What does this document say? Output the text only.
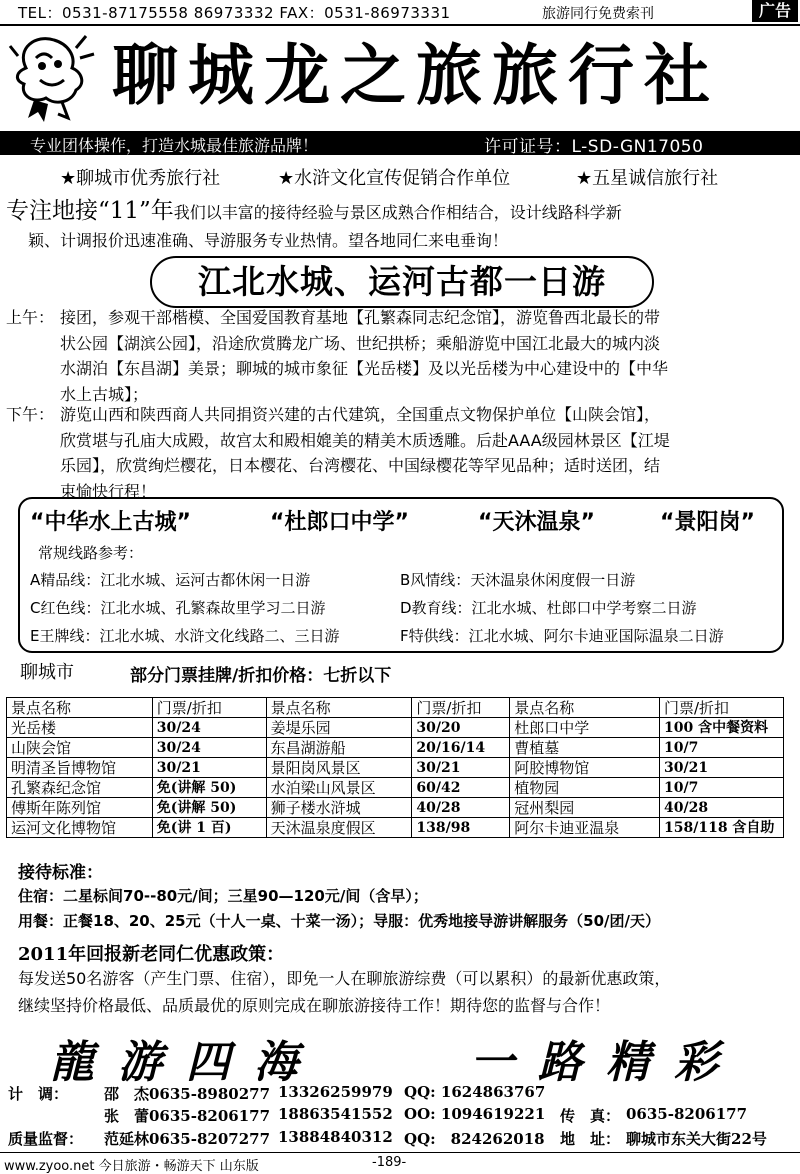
TEL：0531-87175558 86973332 FAX：0531-86973331	旅游同行免费索刊	广告
聊城龙之旅旅行社
专业团体操作，打造水城最佳旅游品牌！	许可证号：L-SD-GN17050
★聊城市优秀旅行社	★水浒文化宣传促销合作单位	★五星诚信旅行社

专注地接“11”年我们以丰富的接待经验与景区成熟合作相结合，设计线路科学新

颖、计调报价迅速准确、导游服务专业热情。望各地同仁来电垂询！

江北水城、运河古都一日游
上午： 接团，参观干部楷模、全国爱国教育基地【孔繁森同志纪念馆】，游览鲁西北最长的带
状公园【湖滨公园】，沿途欣赏腾龙广场、世纪拱桥；乘船游览中国江北最大的城内淡
水湖泊【东昌湖】美景；聊城的城市象征【光岳楼】及以光岳楼为中心建设中的【中华
水上古城】；
下午： 游览山西和陕西商人共同捐资兴建的古代建筑，全国重点文物保护单位【山陕会馆】，
欣赏堪与孔庙大成殿，故宫太和殿相媲美的精美木质透雕。后赴AAA级园林景区【江堤
乐园】，欣赏绚烂樱花，日本樱花、台湾樱花、中国绿樱花等罕见品种；适时送团，结
束愉快行程！
“中华水上古城”	“杜郎口中学”	“天沐温泉”	“景阳岗”
常规线路参考：
A精品线：江北水城、运河古都休闲一日游	B风情线：天沐温泉休闲度假一日游
C红色线：江北水城、孔繁森故里学习二日游	D教育线：江北水城、杜郎口中学考察二日游
E王牌线：江北水城、水浒文化线路二、三日游	F特供线：江北水城、阿尔卡迪亚国际温泉二日游
聊城市	部分门票挂牌/折扣价格：七折以下
景点名称	门票/折扣	景点名称	门票/折扣	景点名称	门票/折扣
光岳楼	30/24	姜堤乐园	30/20	杜郎口中学	100 含中餐资料
山陕会馆	30/24	东昌湖游船	20/16/14	曹植墓	10/7
明清圣旨博物馆	30/21	景阳岗风景区	30/21	阿胶博物馆	30/21
孔繁森纪念馆	免(讲解 50)	水泊梁山风景区	60/42	植物园	10/7
傅斯年陈列馆	免(讲解 50)	狮子楼水浒城	40/28	冠州梨园	40/28
运河文化博物馆	免(讲 1 百)	天沐温泉度假区	138/98	阿尔卡迪亚温泉	158/118 含自助
接待标准：
住宿：二星标间70--80元/间；三星90—120元/间（含早）；
用餐：正餐18、20、25元（十人一桌、十菜一汤）；导服：优秀地接导游讲解服务（50/团/天）
2011年回报新老同仁优惠政策：

每发送50名游客（产生门票、住宿），即免一人在聊旅游综费（可以累积）的最新优惠政策，

继续坚持价格最低、品质最优的原则完成在聊旅游接待工作！期待您的监督与合作！

龍游四海	一路精彩
计　调： 邵　杰0635-8980277 13326259979 QQ: 1624863767
张　蕾0635-8206177 18863541552 OO: 1094619221 传　真： 0635-8206177
质量监督： 范延林0635-8207277 13884840312 QQ:　824262018 地　址： 聊城市东关大街22号
www.zyoo.net 今日旅游・畅游天下 山东版	-189-
